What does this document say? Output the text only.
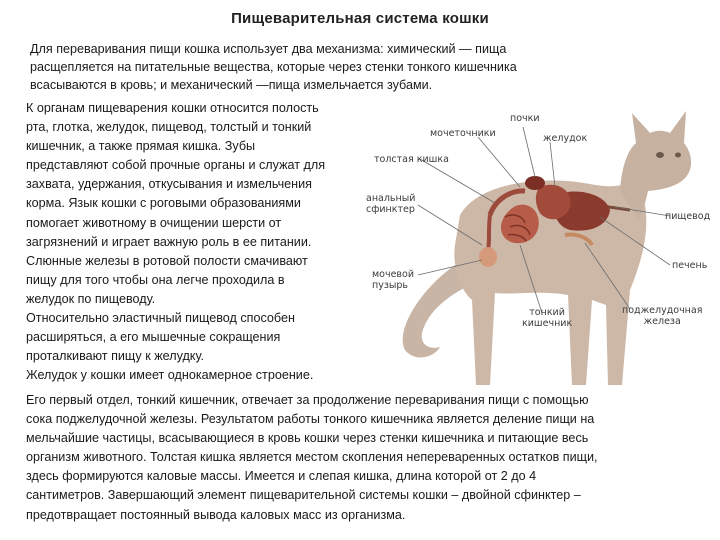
Пищеварительная система кошки
Для переваривания пищи кошка использует два механизма: химический — пища
расщепляется на питательные вещества, которые через стенки тонкого кишечника
всасываются в кровь; и механический —пища измельчается зубами.
К органам пищеварения кошки относится полость
рта, глотка, желудок, пищевод, толстый и тонкий
кишечник, а также прямая кишка. Зубы
представляют собой прочные органы и служат для
захвата, удержания, откусывания и измельчения
корма. Язык кошки с роговыми образованиями
помогает животному в очищении шерсти от
загрязнений и играет важную роль в ее питании.
Слюнные железы в ротовой полости смачивают
пищу для того чтобы она легче проходила в
желудок по пищеводу.
Относительно эластичный пищевод способен
расширяться, а его мышечные сокращения
проталкивают пищу к желудку.
Желудок у кошки имеет однокамерное строение.
почки
мочеточники	желудок
толстая кишка
анальный
сфинктер
пищевод
печень
мочевой
пузырь
тонкий
кишечник
поджелудочная
железа
Его первый отдел, тонкий кишечник, отвечает за продолжение переваривания пищи с помощью
сока поджелудочной железы. Результатом работы тонкого кишечника является деление пищи на
мельчайшие частицы, всасывающиеся в кровь кошки через стенки кишечника и питающие весь
организм животного. Толстая кишка является местом скопления непереваренных остатков пищи,
здесь формируются каловые массы. Имеется и слепая кишка, длина которой от 2 до 4
сантиметров. Завершающий элемент пищеварительной системы кошки – двойной сфинктер –
предотвращает постоянный вывода каловых масс из организма.
